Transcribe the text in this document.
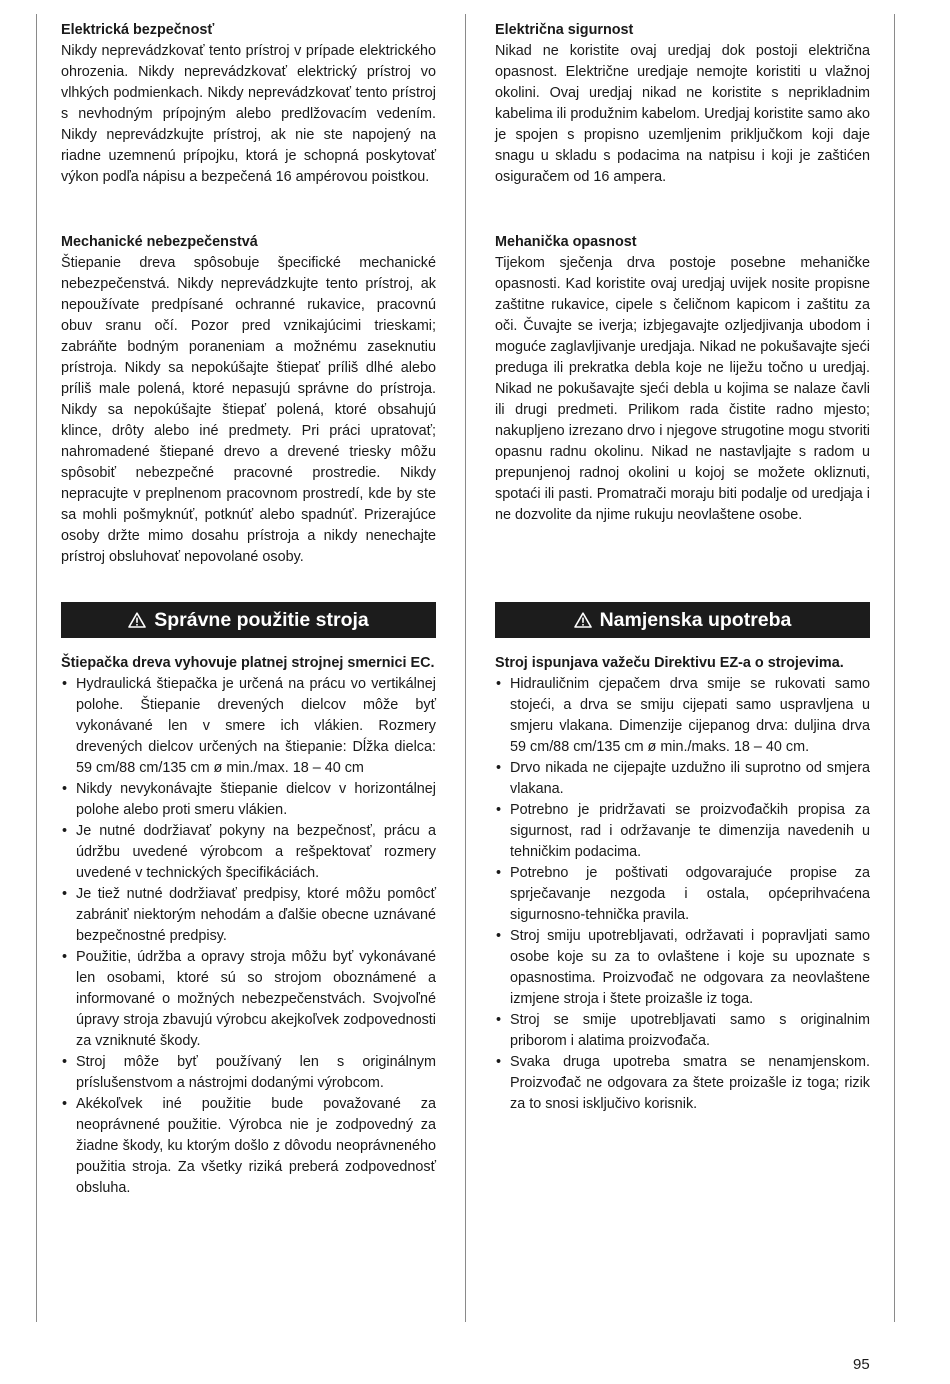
Elektrická bezpečnosť

Nikdy neprevádzkovať tento prístroj v prípade elektrického ohrozenia. Nikdy neprevádzkovať elektrický prístroj vo vlhkých podmienkach. Nikdy neprevádzkovať tento prístroj s nevhodným prípojným alebo predlžovacím vedením. Nikdy neprevádzkujte prístroj, ak nie ste napojený na riadne uzemnenú prípojku, ktorá je schopná poskytovať výkon podľa nápisu a bezpečená 16 ampérovou poistkou.

Mechanické nebezpečenstvá

Štiepanie dreva spôsobuje špecifické mechanické nebezpečenstvá. Nikdy neprevádzkujte tento prístroj, ak nepoužívate predpísané ochranné rukavice, pracovnú obuv sranu očí. Pozor pred vznikajúcimi trieskami; zabráňte bodným poraneniam a možnému zaseknutiu prístroja. Nikdy sa nepokúšajte štiepať príliš dlhé alebo príliš male polená, ktoré nepasujú správne do prístroja. Nikdy sa nepokúšajte štiepať polená, ktoré obsahujú klince, drôty alebo iné predmety. Pri práci upratovať; nahromadené štiepané drevo a drevené triesky môžu spôsobiť nebezpečné pracovné prostredie. Nikdy nepracujte v preplnenom pracovnom prostredí, kde by ste sa mohli pošmyknúť, potknúť alebo spadnúť. Prizerajúce osoby držte mimo dosahu prístroja a nikdy nenechajte prístroj obsluhovať nepovolané osoby.

Električna sigurnost

Nikad ne koristite ovaj uredjaj dok postoji električna opasnost. Električne uredjaje nemojte koristiti u vlažnoj okolini. Ovaj uredjaj nikad ne koristite s neprikladnim kabelima ili produžnim kabelom. Uredjaj koristite samo ako je spojen s propisno uzemljenim priključkom koji daje snagu u skladu s podacima na natpisu i koji je zaštićen osiguračem od 16 ampera.

Mehanička opasnost

Tijekom sječenja drva postoje posebne mehaničke opasnosti. Kad koristite ovaj uredjaj uvijek nosite propisne zaštitne rukavice, cipele s čeličnom kapicom i zaštitu za oči. Čuvajte se iverja; izbjegavajte ozljedjivanja ubodom i moguće zaglavljivanje uredjaja. Nikad ne pokušavajte sjeći preduga ili prekratka debla koje ne liježu točno u uredjaj. Nikad ne pokušavajte sjeći debla u kojima se nalaze čavli ili drugi predmeti. Prilikom rada čistite radno mjesto; nakupljeno izrezano drvo i njegove strugotine mogu stvoriti opasnu radnu okolinu. Nikad ne nastavljajte s radom u prepunjenoj radnoj okolini u kojoj se možete okliznuti, spotaći ili pasti. Promatrači moraju biti podalje od uredjaja i ne dozvolite da njime rukuju neovlaštene osobe.

Správne použitie stroja	Namjenska upotreba

Štiepačka dreva vyhovuje platnej strojnej smernici EC.

• Hydraulická štiepačka je určená na prácu vo vertikálnej polohe. Štiepanie drevených dielcov môže byť vykonávané len v smere ich vlákien. Rozmery drevených dielcov určených na štiepanie: Dĺžka dielca: 59 cm/88 cm/135 cm ø min./max. 18 – 40 cm
• Nikdy nevykonávajte štiepanie dielcov v horizontálnej polohe alebo proti smeru vlákien.
• Je nutné dodržiavať pokyny na bezpečnosť, prácu a údržbu uvedené výrobcom a rešpektovať rozmery uvedené v technických špecifikáciách.
• Je tiež nutné dodržiavať predpisy, ktoré môžu pomôcť zabrániť niektorým nehodám a ďalšie obecne uznávané bezpečnostné predpisy.
• Použitie, údržba a opravy stroja môžu byť vykonávané len osobami, ktoré sú so strojom oboznámené a informované o možných nebezpečenstvách. Svojvoľné úpravy stroja zbavujú výrobcu akejkoľvek zodpovednosti za vzniknuté škody.
• Stroj môže byť používaný len s originálnym príslušenstvom a nástrojmi dodanými výrobcom.
• Akékoľvek iné použitie bude považované za neoprávnené použitie. Výrobca nie je zodpovedný za žiadne škody, ku ktorým došlo z dôvodu neoprávneného použitia stroja. Za všetky riziká preberá zodpovednosť obsluha.

Stroj ispunjava važeču Direktivu EZ-a o strojevima.

• Hidrauličnim cjepačem drva smije se rukovati samo stojeći, a drva se smiju cijepati samo uspravljena u smjeru vlakana. Dimenzije cijepanog drva: duljina drva 59 cm/88 cm/135 cm ø min./maks. 18 – 40 cm.
• Drvo nikada ne cijepajte uzdužno ili suprotno od smjera vlakana.
• Potrebno je pridržavati se proizvođačkih propisa za sigurnost, rad i održavanje te dimenzija navedenih u tehničkim podacima.
• Potrebno je poštivati odgovarajuće propise za sprječavanje nezgoda i ostala, općeprihvaćena sigurnosno-tehnička pravila.
• Stroj smiju upotrebljavati, održavati i popravljati samo osobe koje su za to ovlaštene i koje su upoznate s opasnostima. Proizvođač ne odgovara za neovlaštene izmjene stroja i štete proizašle iz toga.
• Stroj se smije upotrebljavati samo s originalnim priborom i alatima proizvođača.
• Svaka druga upotreba smatra se nenamjenskom. Proizvođač ne odgovara za štete proizašle iz toga; rizik za to snosi isključivo korisnik.
95
